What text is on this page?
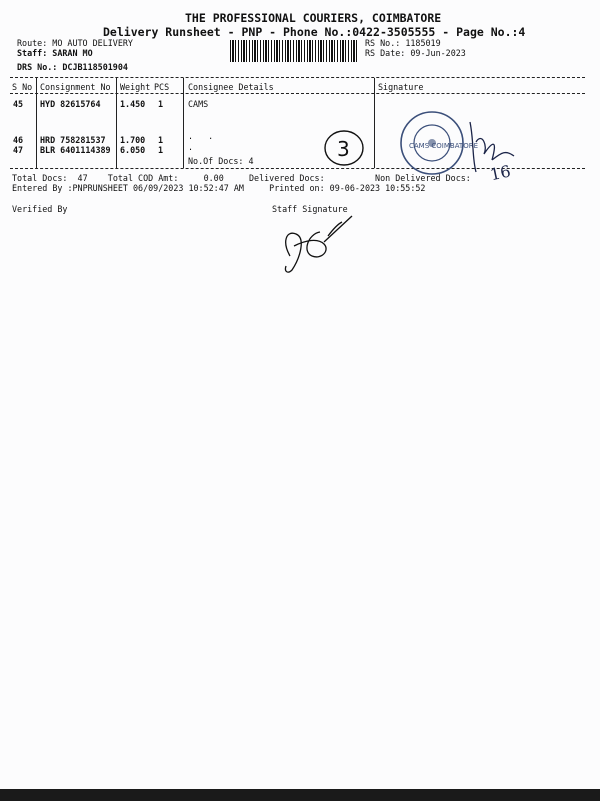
THE PROFESSIONAL COURIERS, COIMBATORE
Delivery Runsheet - PNP - Phone No.:0422-3505555 - Page No.:4
Route: MO AUTO DELIVERY
Staff: SARAN MO
DRS No.: DCJB118501904
RS No.: 1185019
RS Date: 09-Jun-2023
S No Consignment No Weight PCS Consignee Details	Signature
45 HYD 82615764 1.450 1	CAMS
46 HRD 758281537 1.700 1	.   .
47 BLR 6401114389 6.050 1	.
No.Of Docs: 4
Total Docs:  47    Total COD Amt:     0.00     Delivered Docs:          Non Delivered Docs:
Entered By :PNPRUNSHEET 06/09/2023 10:52:47 AM     Printed on: 09-06-2023 10:55:52
Verified By	Staff Signature
CAMS COIMBATORE
3
16
